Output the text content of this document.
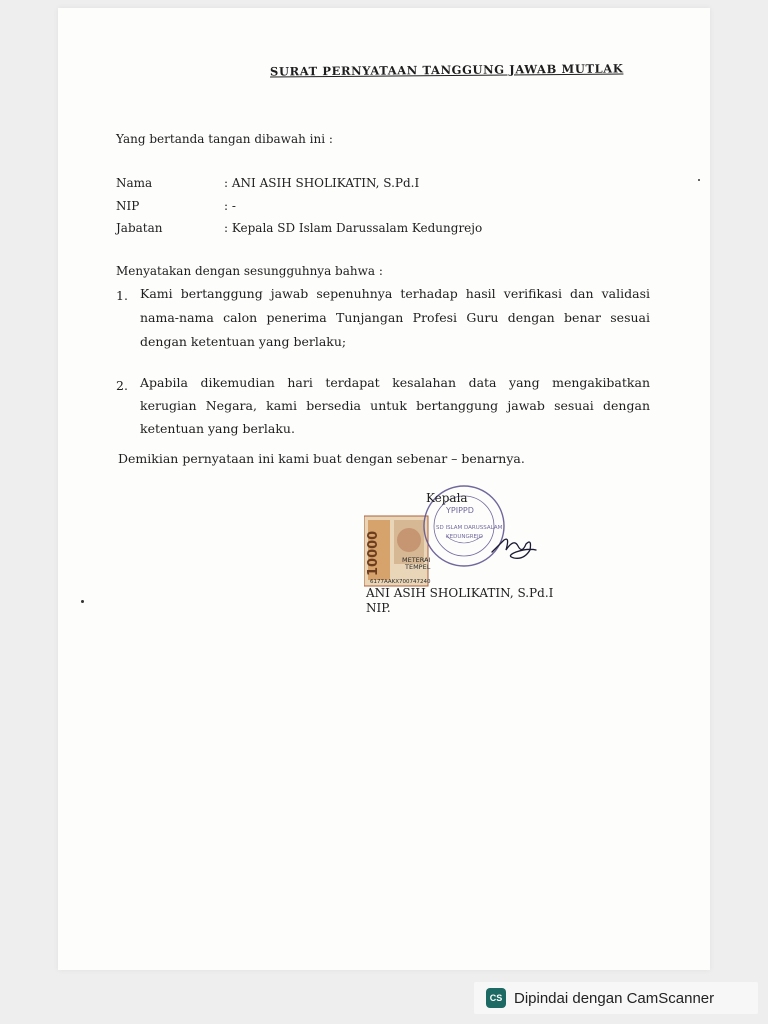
SURAT PERNYATAAN TANGGUNG JAWAB MUTLAK
Yang bertanda tangan dibawah ini :
Nama	: ANI ASIH SHOLIKATIN, S.Pd.I
NIP	: -
Jabatan	: Kepala SD Islam Darussalam Kedungrejo
Menyatakan dengan sesungguhnya bahwa :
1. Kami bertanggung jawab sepenuhnya terhadap hasil verifikasi dan validasi
nama-nama calon penerima Tunjangan Profesi Guru dengan benar sesuai
dengan ketentuan yang berlaku;
2. Apabila dikemudian hari terdapat kesalahan data yang mengakibatkan
kerugian Negara, kami bersedia untuk bertanggung jawab sesuai dengan
ketentuan yang berlaku.
Demikian pernyataan ini kami buat dengan sebenar – benarnya.
10000	METERAI
TEMPEL
6177AAKX700747240
YPIPPD
SD ISLAM DARUSSALAM
KEDUNGREJO
Kepala
ANI ASIH SHOLIKATIN, S.Pd.I
NIP.
CS Dipindai dengan CamScanner
